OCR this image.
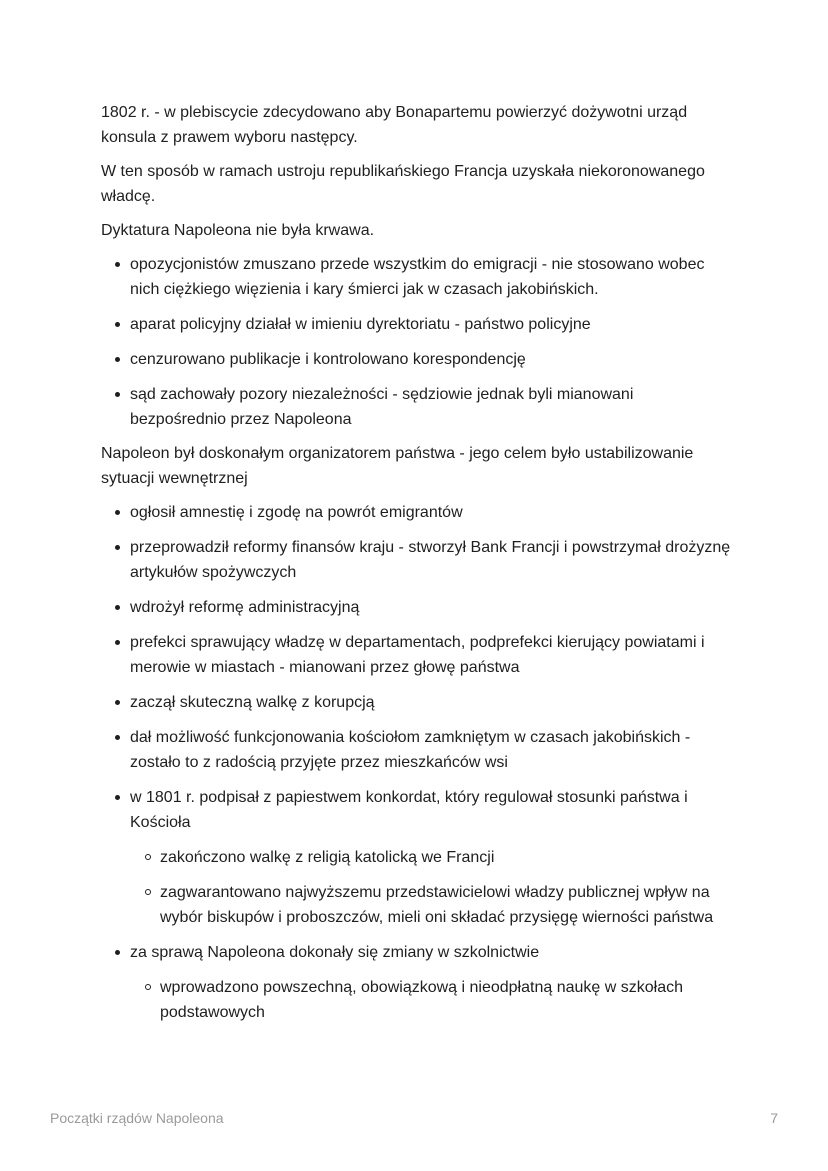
1802 r. - w plebiscycie zdecydowano aby Bonapartemu powierzyć dożywotni urząd konsula z prawem wyboru następcy.

W ten sposób w ramach ustroju republikańskiego Francja uzyskała niekoronowanego władcę.

Dyktatura Napoleona nie była krwawa.

opozycjonistów zmuszano przede wszystkim do emigracji - nie stosowano wobec nich ciężkiego więzienia i kary śmierci jak w czasach jakobińskich.
aparat policyjny działał w imieniu dyrektoriatu - państwo policyjne
cenzurowano publikacje i kontrolowano korespondencję
sąd zachowały pozory niezależności - sędziowie jednak byli mianowani bezpośrednio przez Napoleona

Napoleon był doskonałym organizatorem państwa - jego celem było ustabilizowanie sytuacji wewnętrznej

ogłosił amnestię i zgodę na powrót emigrantów
przeprowadził reformy finansów kraju - stworzył Bank Francji i powstrzymał drożyznę artykułów spożywczych
wdrożył reformę administracyjną
prefekci sprawujący władzę w departamentach, podprefekci kierujący powiatami i merowie w miastach - mianowani przez głowę państwa
zaczął skuteczną walkę z korupcją
dał możliwość funkcjonowania kościołom zamkniętym w czasach jakobińskich - zostało to z radością przyjęte przez mieszkańców wsi
w 1801 r. podpisał z papiestwem konkordat, który regulował stosunki państwa i Kościoła
zakończono walkę z religią katolicką we Francji
zagwarantowano najwyższemu przedstawicielowi władzy publicznej wpływ na wybór biskupów i proboszczów, mieli oni składać przysięgę wierności państwa
za sprawą Napoleona dokonały się zmiany w szkolnictwie
wprowadzono powszechną, obowiązkową i nieodpłatną naukę w szkołach podstawowych
Początki rządów Napoleona	7
